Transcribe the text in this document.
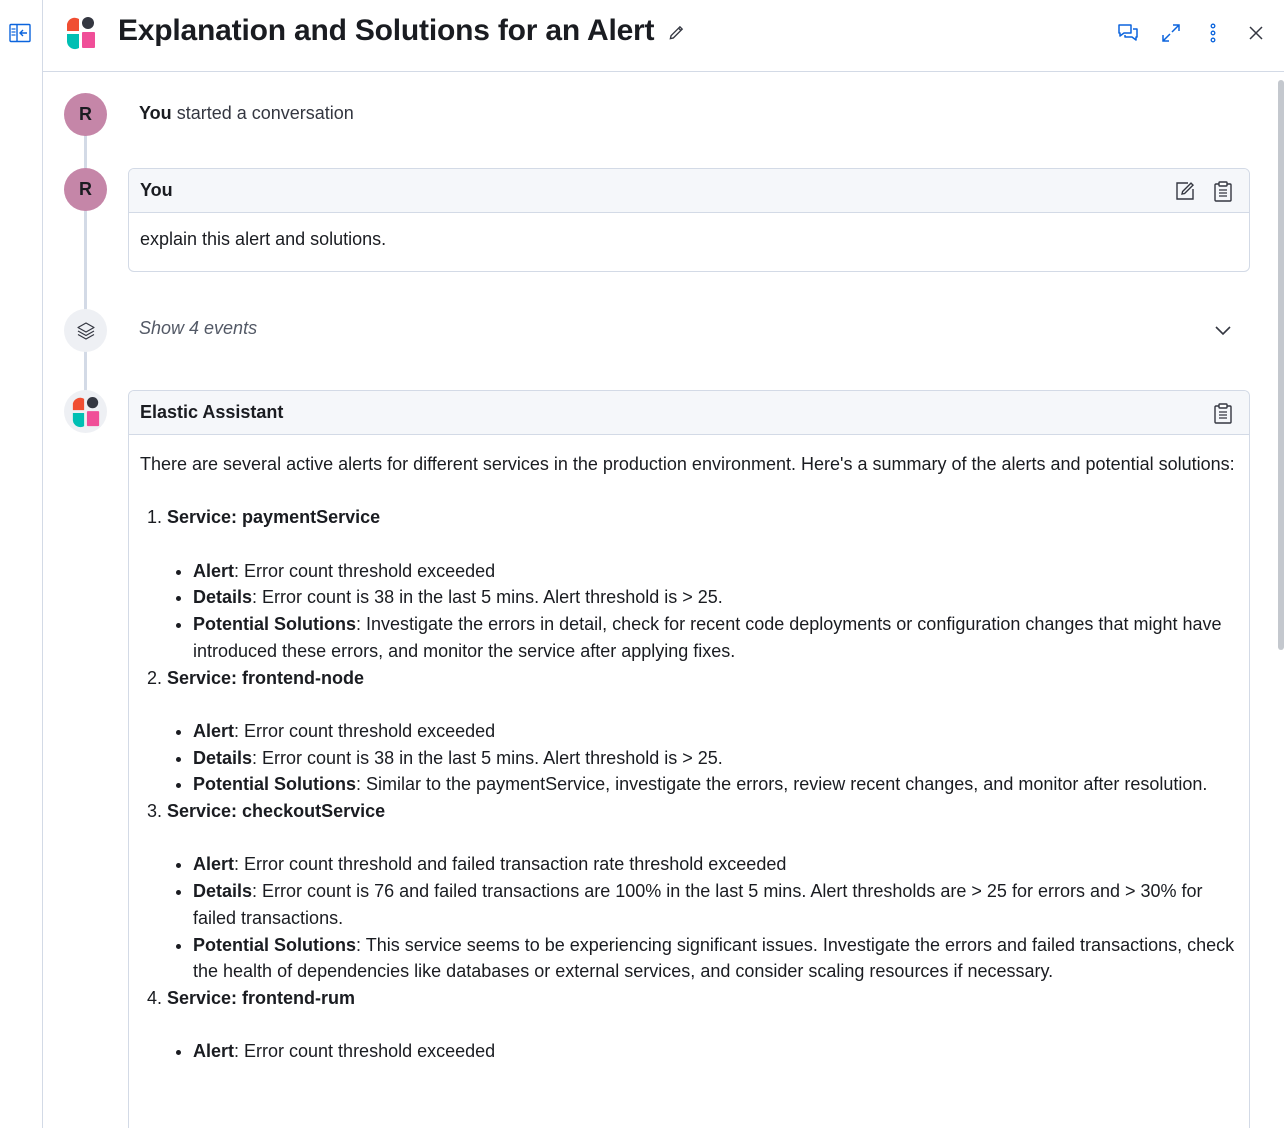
Explanation and Solutions for an Alert
R	You started a conversation
R	You
explain this alert and solutions.
Show 4 events
Elastic Assistant

There are several active alerts for different services in the production environment. Here's a summary of the alerts and potential solutions:

1. Service: paymentService
• Alert: Error count threshold exceeded
• Details: Error count is 38 in the last 5 mins. Alert threshold is > 25.
• Potential Solutions: Investigate the errors in detail, check for recent code deployments or configuration changes that might have introduced these errors, and monitor the service after applying fixes.
2. Service: frontend-node
• Alert: Error count threshold exceeded
• Details: Error count is 38 in the last 5 mins. Alert threshold is > 25.
• Potential Solutions: Similar to the paymentService, investigate the errors, review recent changes, and monitor after resolution.
3. Service: checkoutService
• Alert: Error count threshold and failed transaction rate threshold exceeded
• Details: Error count is 76 and failed transactions are 100% in the last 5 mins. Alert thresholds are > 25 for errors and > 30% for failed transactions.
• Potential Solutions: This service seems to be experiencing significant issues. Investigate the errors and failed transactions, check the health of dependencies like databases or external services, and consider scaling resources if necessary.
4. Service: frontend-rum
• Alert: Error count threshold exceeded
